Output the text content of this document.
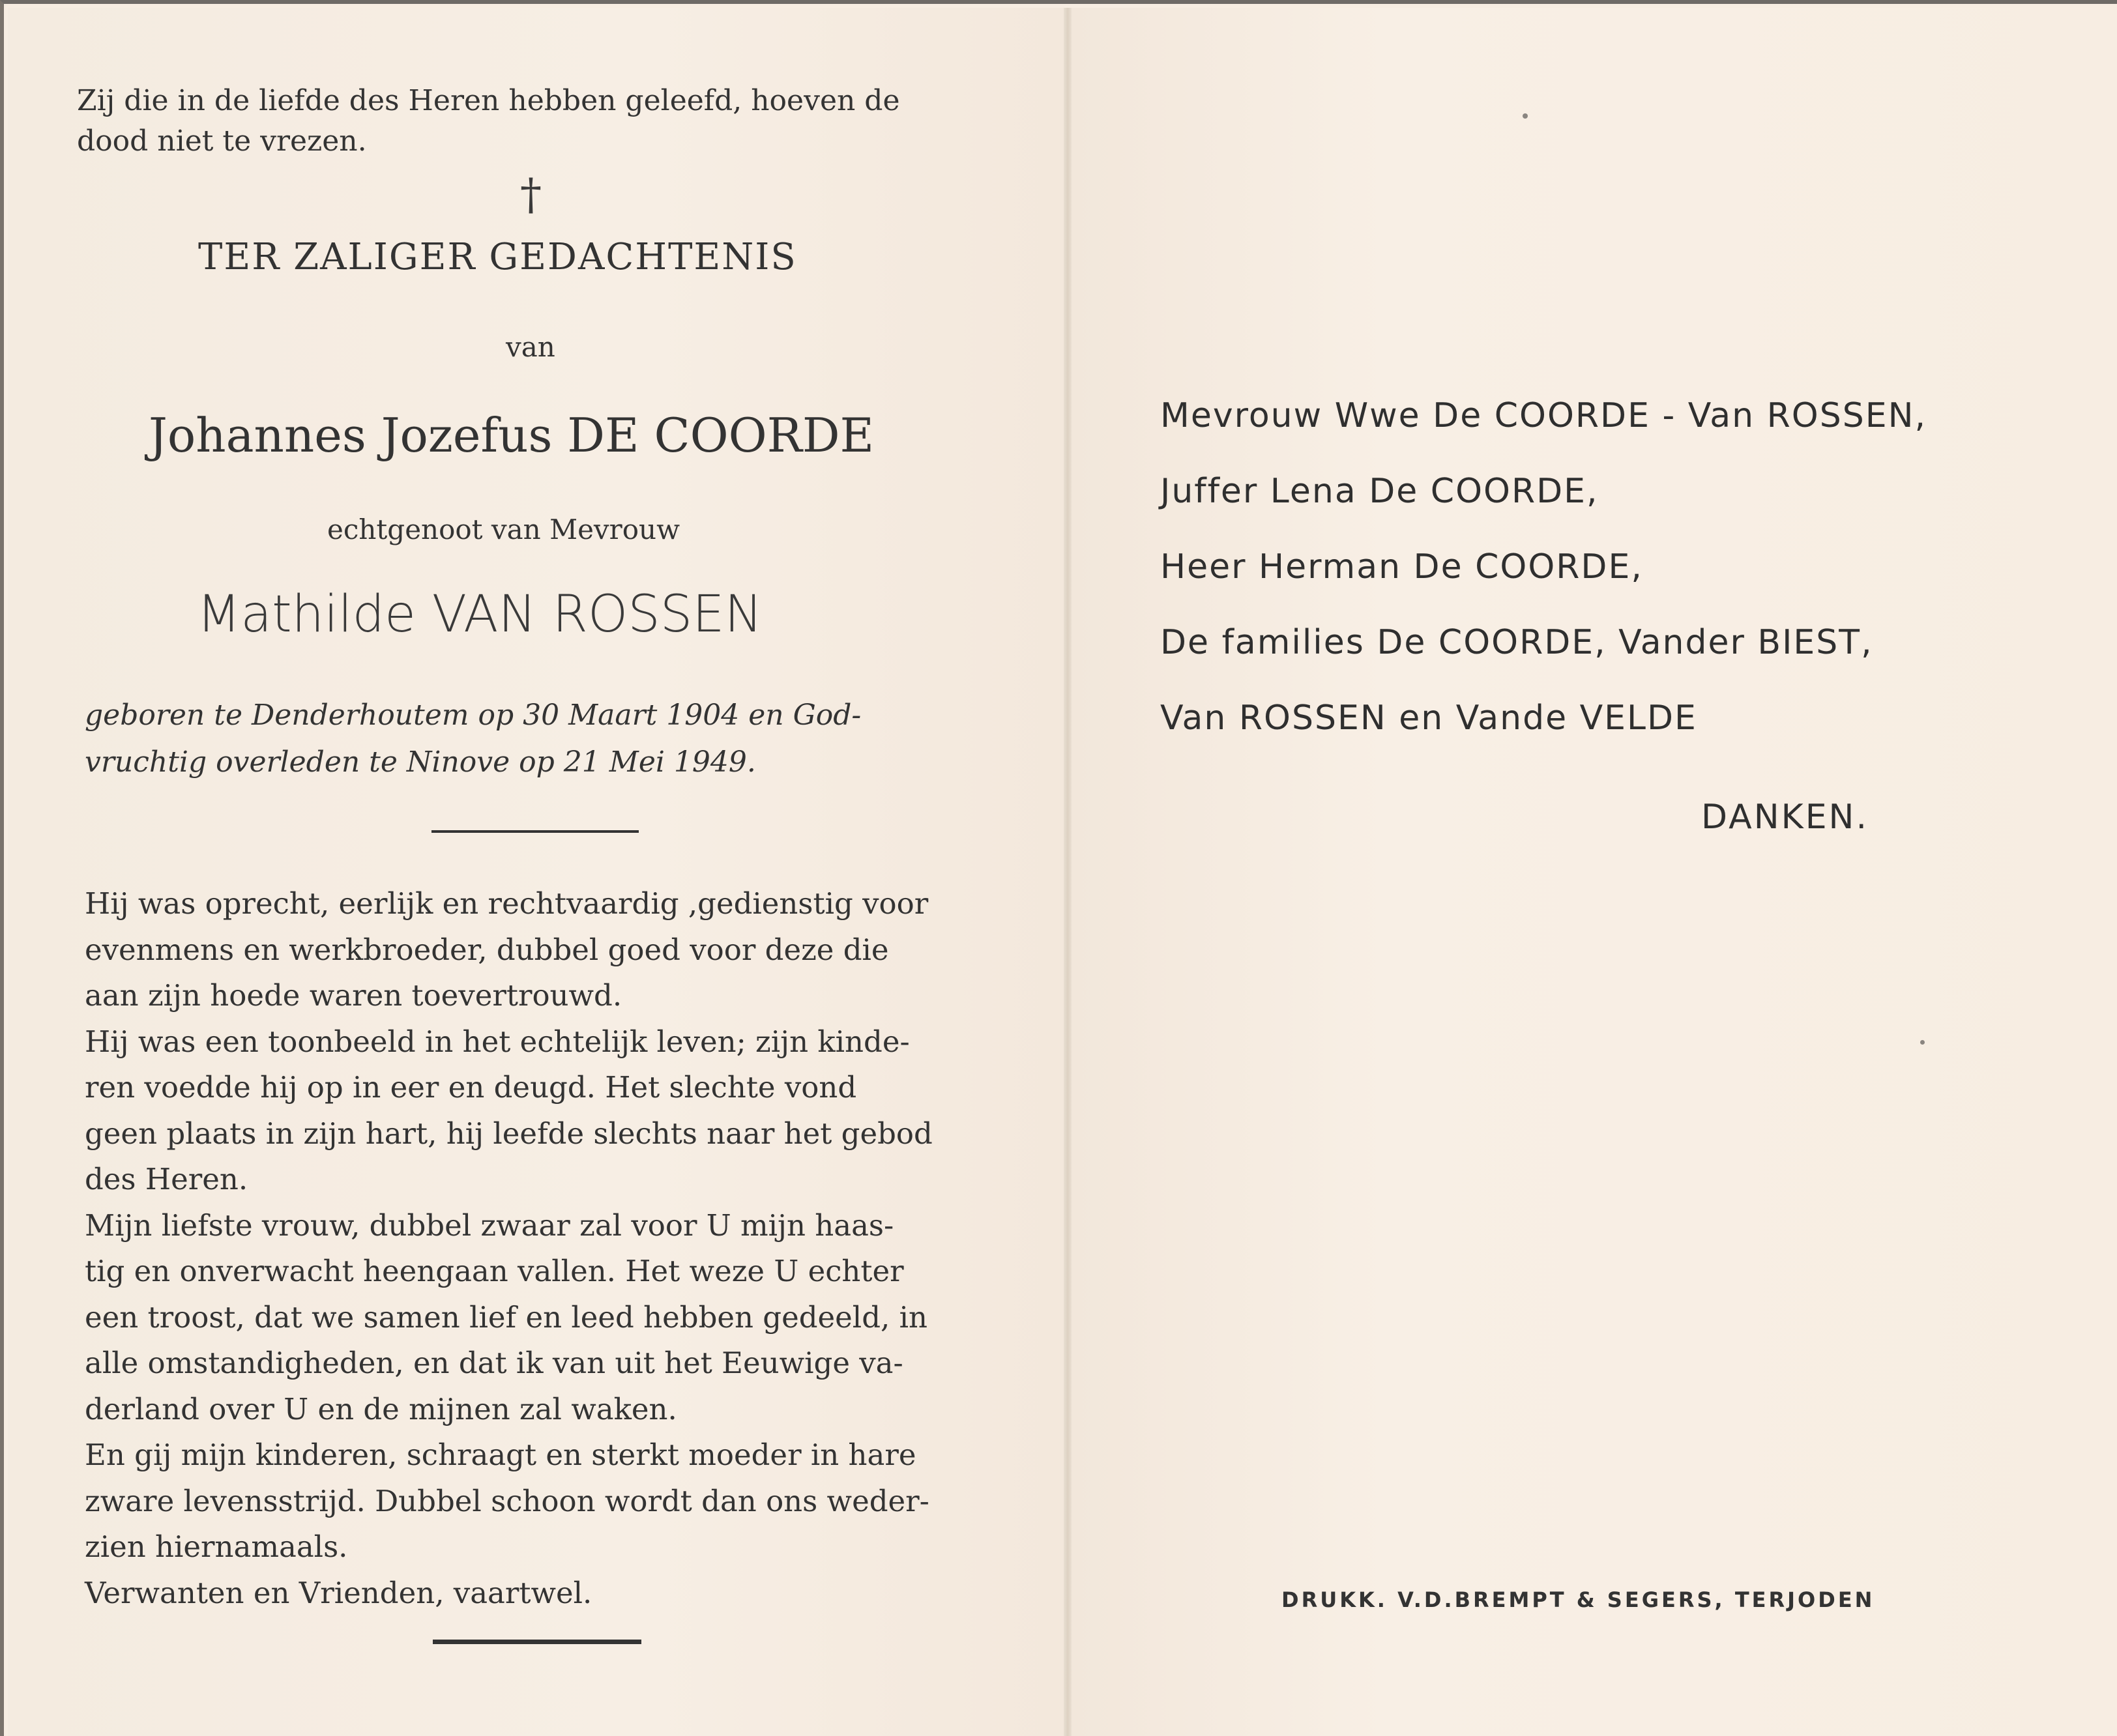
Zij die in de liefde des Heren hebben geleefd, hoeven de
dood niet te vrezen.
†
TER ZALIGER GEDACHTENIS
van
Johannes Jozefus DE COORDE
echtgenoot van Mevrouw
Mathilde VAN ROSSEN
geboren te Denderhoutem op 30 Maart 1904 en God-
vruchtig overleden te Ninove op 21 Mei 1949.
Hij was oprecht, eerlijk en rechtvaardig ,gedienstig voor
evenmens en werkbroeder, dubbel goed voor deze die
aan zijn hoede waren toevertrouwd.
Hij was een toonbeeld in het echtelijk leven; zijn kinde-
ren voedde hij op in eer en deugd. Het slechte vond
geen plaats in zijn hart, hij leefde slechts naar het gebod
des Heren.
Mijn liefste vrouw, dubbel zwaar zal voor U mijn haas-
tig en onverwacht heengaan vallen. Het weze U echter
een troost, dat we samen lief en leed hebben gedeeld, in
alle omstandigheden, en dat ik van uit het Eeuwige va-
derland over U en de mijnen zal waken.
En gij mijn kinderen, schraagt en sterkt moeder in hare
zware levensstrijd. Dubbel schoon wordt dan ons weder-
zien hiernamaals.
Verwanten en Vrienden, vaartwel.
Mevrouw Wwe De COORDE - Van ROSSEN,
Juffer Lena De COORDE,
Heer Herman De COORDE,
De families De COORDE, Vander BIEST,
Van ROSSEN en Vande VELDE
DANKEN.
DRUKK. V.D.BREMPT & SEGERS, TERJODEN
